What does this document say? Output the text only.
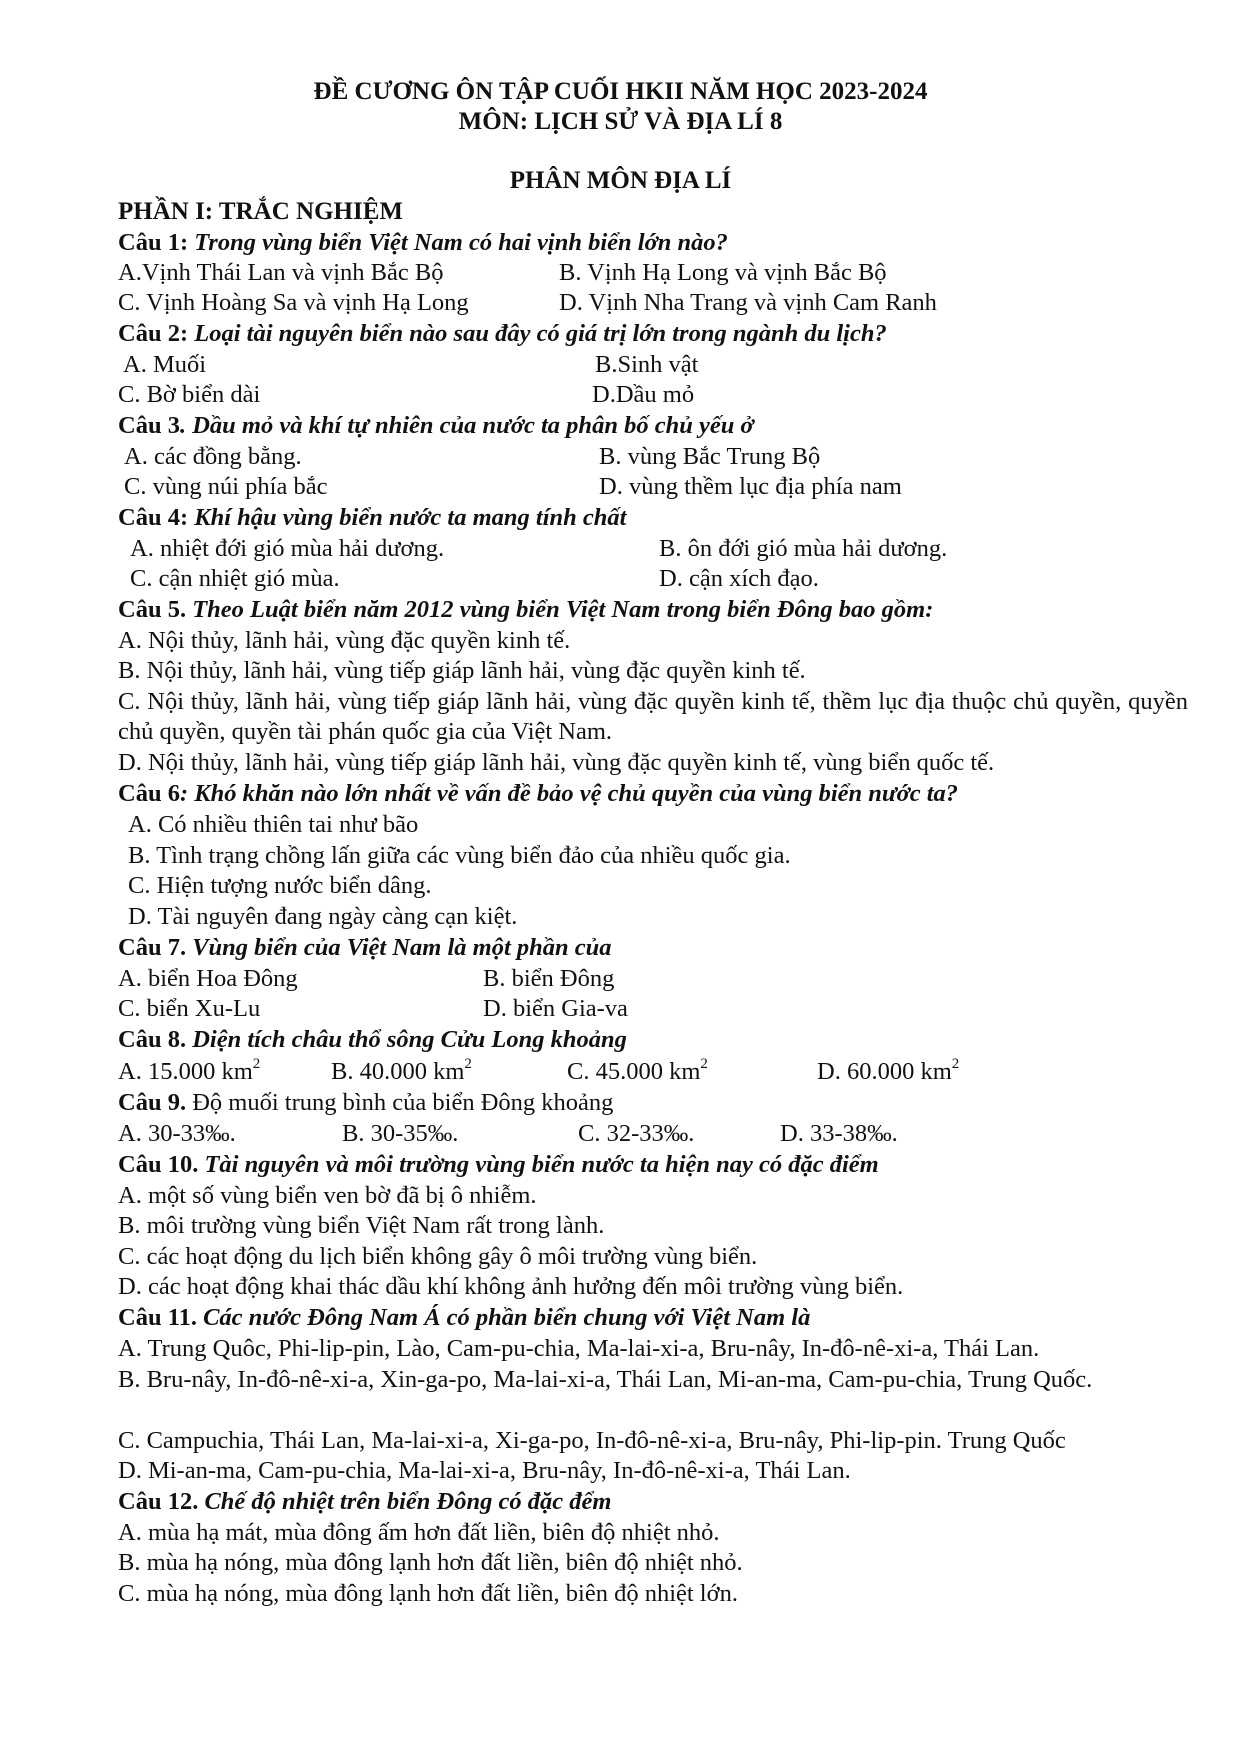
ĐỀ CƯƠNG ÔN TẬP CUỐI HKII NĂM HỌC 2023-2024
MÔN: LỊCH SỬ VÀ ĐỊA LÍ 8
PHÂN MÔN ĐỊA LÍ
PHẦN I: TRẮC NGHIỆM
Câu 1: Trong vùng biển Việt Nam có hai vịnh biển lớn nào?
A.Vịnh Thái Lan và vịnh Bắc Bộ	B. Vịnh Hạ Long và vịnh Bắc Bộ
C. Vịnh Hoàng Sa và vịnh Hạ Long	D. Vịnh Nha Trang và vịnh Cam Ranh
Câu 2: Loại tài nguyên biển nào sau đây có giá trị lớn trong ngành du lịch?
A. Muối	B.Sinh vật
C. Bờ biển dài	D.Dầu mỏ
Câu 3. Dầu mỏ và khí tự nhiên của nước ta phân bố chủ yếu ở
A. các đồng bằng.	B. vùng Bắc Trung Bộ
C. vùng núi phía bắc	D. vùng thềm lục địa phía nam
Câu 4: Khí hậu vùng biển nước ta mang tính chất
A. nhiệt đới gió mùa hải dương.	B. ôn đới gió mùa hải dương.
C. cận nhiệt gió mùa.	D. cận xích đạo.
Câu 5. Theo Luật biển năm 2012 vùng biển Việt Nam trong biển Đông bao gồm:
A. Nội thủy, lãnh hải, vùng đặc quyền kinh tế.
B. Nội thủy, lãnh hải, vùng tiếp giáp lãnh hải, vùng đặc quyền kinh tế.
C. Nội thủy, lãnh hải, vùng tiếp giáp lãnh hải, vùng đặc quyền kinh tế, thềm lục địa thuộc chủ quyền, quyền chủ quyền, quyền tài phán quốc gia của Việt Nam.
D. Nội thủy, lãnh hải, vùng tiếp giáp lãnh hải, vùng đặc quyền kinh tế, vùng biển quốc tế.
Câu 6: Khó khăn nào lớn nhất về vấn đề bảo vệ chủ quyền của vùng biển nước ta?
A. Có nhiều thiên tai như bão
B. Tình trạng chồng lấn giữa các vùng biển đảo của nhiều quốc gia.
C. Hiện tượng nước biển dâng.
D. Tài nguyên đang ngày càng cạn kiệt.
Câu 7. Vùng biển của Việt Nam là một phần của
A. biển Hoa Đông	B. biển Đông
C. biển Xu-Lu	D. biển Gia-va
Câu 8. Diện tích châu thổ sông Cửu Long khoảng
A. 15.000 $km^2$	B. 40.000 $km^2$	C. 45.000 $km^2$	D. 60.000 $km^2$
Câu 9. Độ muối trung bình của biển Đông khoảng
A. 30-33‰.	B. 30-35‰.	C. 32-33‰.	D. 33-38‰.
Câu 10. Tài nguyên và môi trường vùng biển nước ta hiện nay có đặc điểm
A. một số vùng biển ven bờ đã bị ô nhiễm.
B. môi trường vùng biển Việt Nam rất trong lành.
C. các hoạt động du lịch biển không gây ô môi trường vùng biển.
D. các hoạt động khai thác dầu khí không ảnh hưởng đến môi trường vùng biển.
Câu 11. Các nước Đông Nam Á có phần biển chung với Việt Nam là
A. Trung Quôc, Phi-lip-pin, Lào, Cam-pu-chia, Ma-lai-xi-a, Bru-nây, In-đô-nê-xi-a, Thái Lan.
B. Bru-nây, In-đô-nê-xi-a, Xin-ga-po, Ma-lai-xi-a, Thái Lan, Mi-an-ma, Cam-pu-chia, Trung Quốc.
C. Campuchia, Thái Lan, Ma-lai-xi-a, Xi-ga-po, In-đô-nê-xi-a, Bru-nây, Phi-lip-pin. Trung Quốc
D. Mi-an-ma, Cam-pu-chia, Ma-lai-xi-a, Bru-nây, In-đô-nê-xi-a, Thái Lan.
Câu 12. Chế độ nhiệt trên biển Đông có đặc đểm
A. mùa hạ mát, mùa đông ấm hơn đất liền, biên độ nhiệt nhỏ.
B. mùa hạ nóng, mùa đông lạnh hơn đất liền, biên độ nhiệt nhỏ.
C. mùa hạ nóng, mùa đông lạnh hơn đất liền, biên độ nhiệt lớn.
